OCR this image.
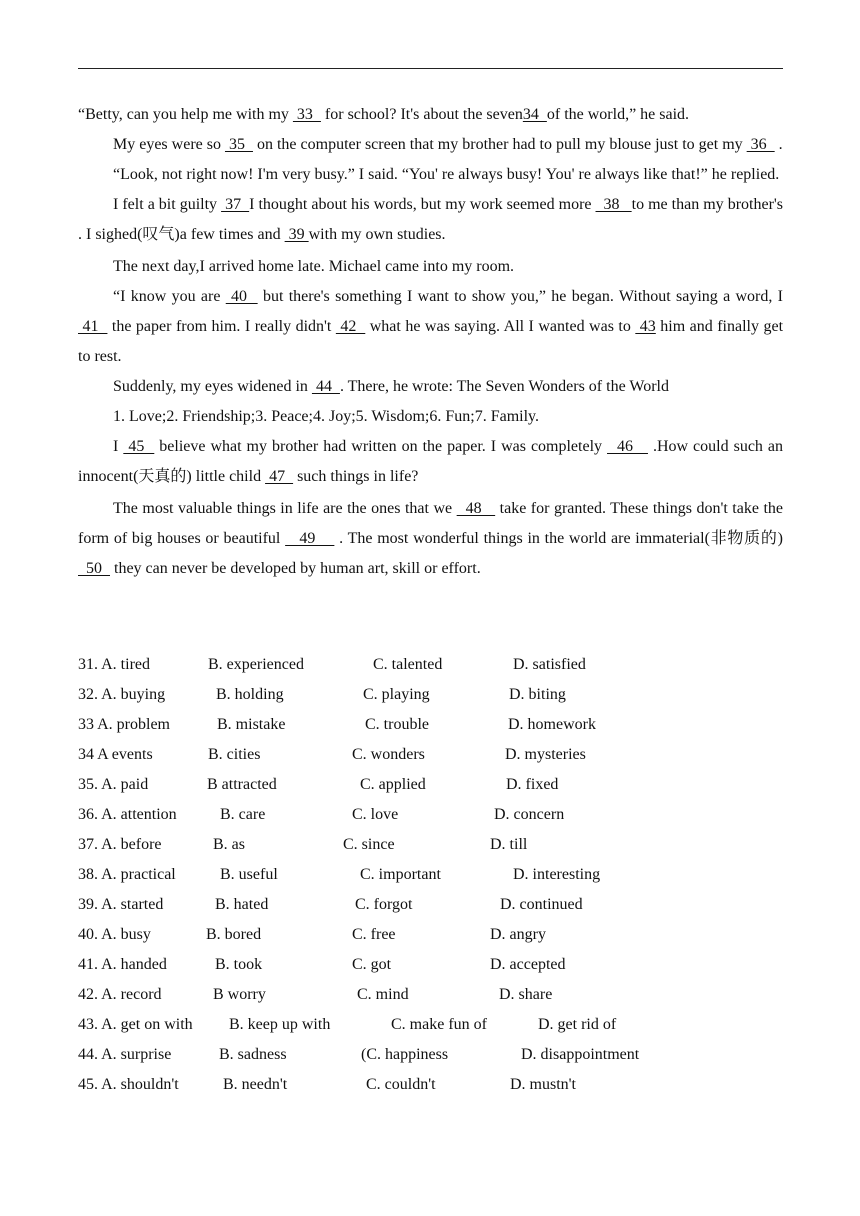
“Betty, can you help me with my  33   for school? It's about the seven34  of the world,” he said.

My eyes were so  35   on the computer screen that my brother had to pull my blouse just to get my  36   .

“Look, not right now! I'm very busy.” I said. “You' re always busy! You' re always like that!” he replied.

I felt a bit guilty  37  I thought about his words, but my work seemed more   38   to me than my brother's . I sighed(叹气)a few times and  39 with my own studies.

The next day,I arrived home late. Michael came into my room.

“I know you are  40   but there's something I want to show you,” he began. Without saying a word, I  41   the paper from him. I really didn't  42   what he was saying. All I wanted was to  43 him and finally get to rest.

Suddenly, my eyes widened in  44  . There, he wrote: The Seven Wonders of the World

1. Love;2. Friendship;3. Peace;4. Joy;5. Wisdom;6. Fun;7. Family.

I  45   believe what my brother had written on the paper. I was completely   46    .How could such an innocent(天真的) little child  47   such things in life?

The most valuable things in life are the ones that we   48    take for granted. These things don't take the form of big houses or beautiful    49     . The most wonderful things in the world are immaterial(非物质的)   50   they can never be developed by human art, skill or effort.

31. A. tired	B. experienced	C. talented	D. satisfied
32. A. buying	B. holding	C. playing	D. biting
33 A. problem	B. mistake	C. trouble	D. homework
34 A events	B. cities	C. wonders	D. mysteries
35. A. paid	B attracted	C. applied	D. fixed
36. A. attention	B. care	C. love	D. concern
37. A. before	B. as	C. since	D. till
38. A. practical	B. useful	C. important	D. interesting
39. A. started	B. hated	C. forgot	D. continued
40. A. busy	B. bored	C. free	D. angry
41. A. handed	B. took	C. got	D. accepted
42. A. record	B worry	C. mind	D. share
43. A. get on with B. keep up with	C. make fun of	D. get rid of
44. A. surprise	B. sadness	(C. happiness	D. disappointment
45. A. shouldn't	B. needn't	C. couldn't	D. mustn't
